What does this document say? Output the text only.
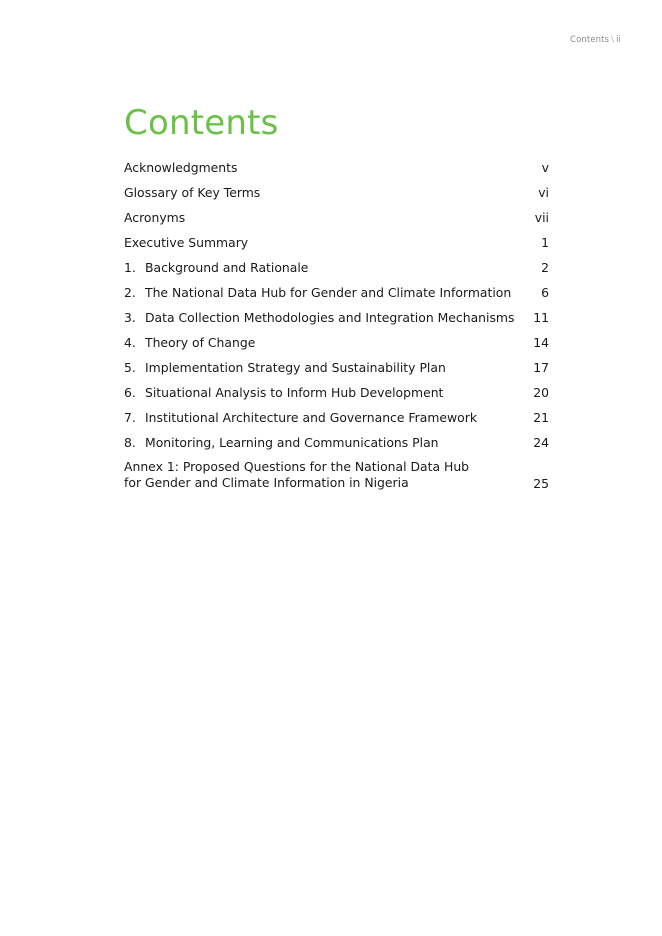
Contents \ ii
Contents
Acknowledgments	v
Glossary of Key Terms	vi
Acronyms	vii
Executive Summary	1
1. Background and Rationale	2
2. The National Data Hub for Gender and Climate Information 6
3. Data Collection Methodologies and Integration Mechanisms 11
4. Theory of Change	14
5. Implementation Strategy and Sustainability Plan	17
6. Situational Analysis to Inform Hub Development	20
7. Institutional Architecture and Governance Framework	21
8. Monitoring, Learning and Communications Plan	24
Annex 1: Proposed Questions for the National Data Hub
for Gender and Climate Information in Nigeria	25
